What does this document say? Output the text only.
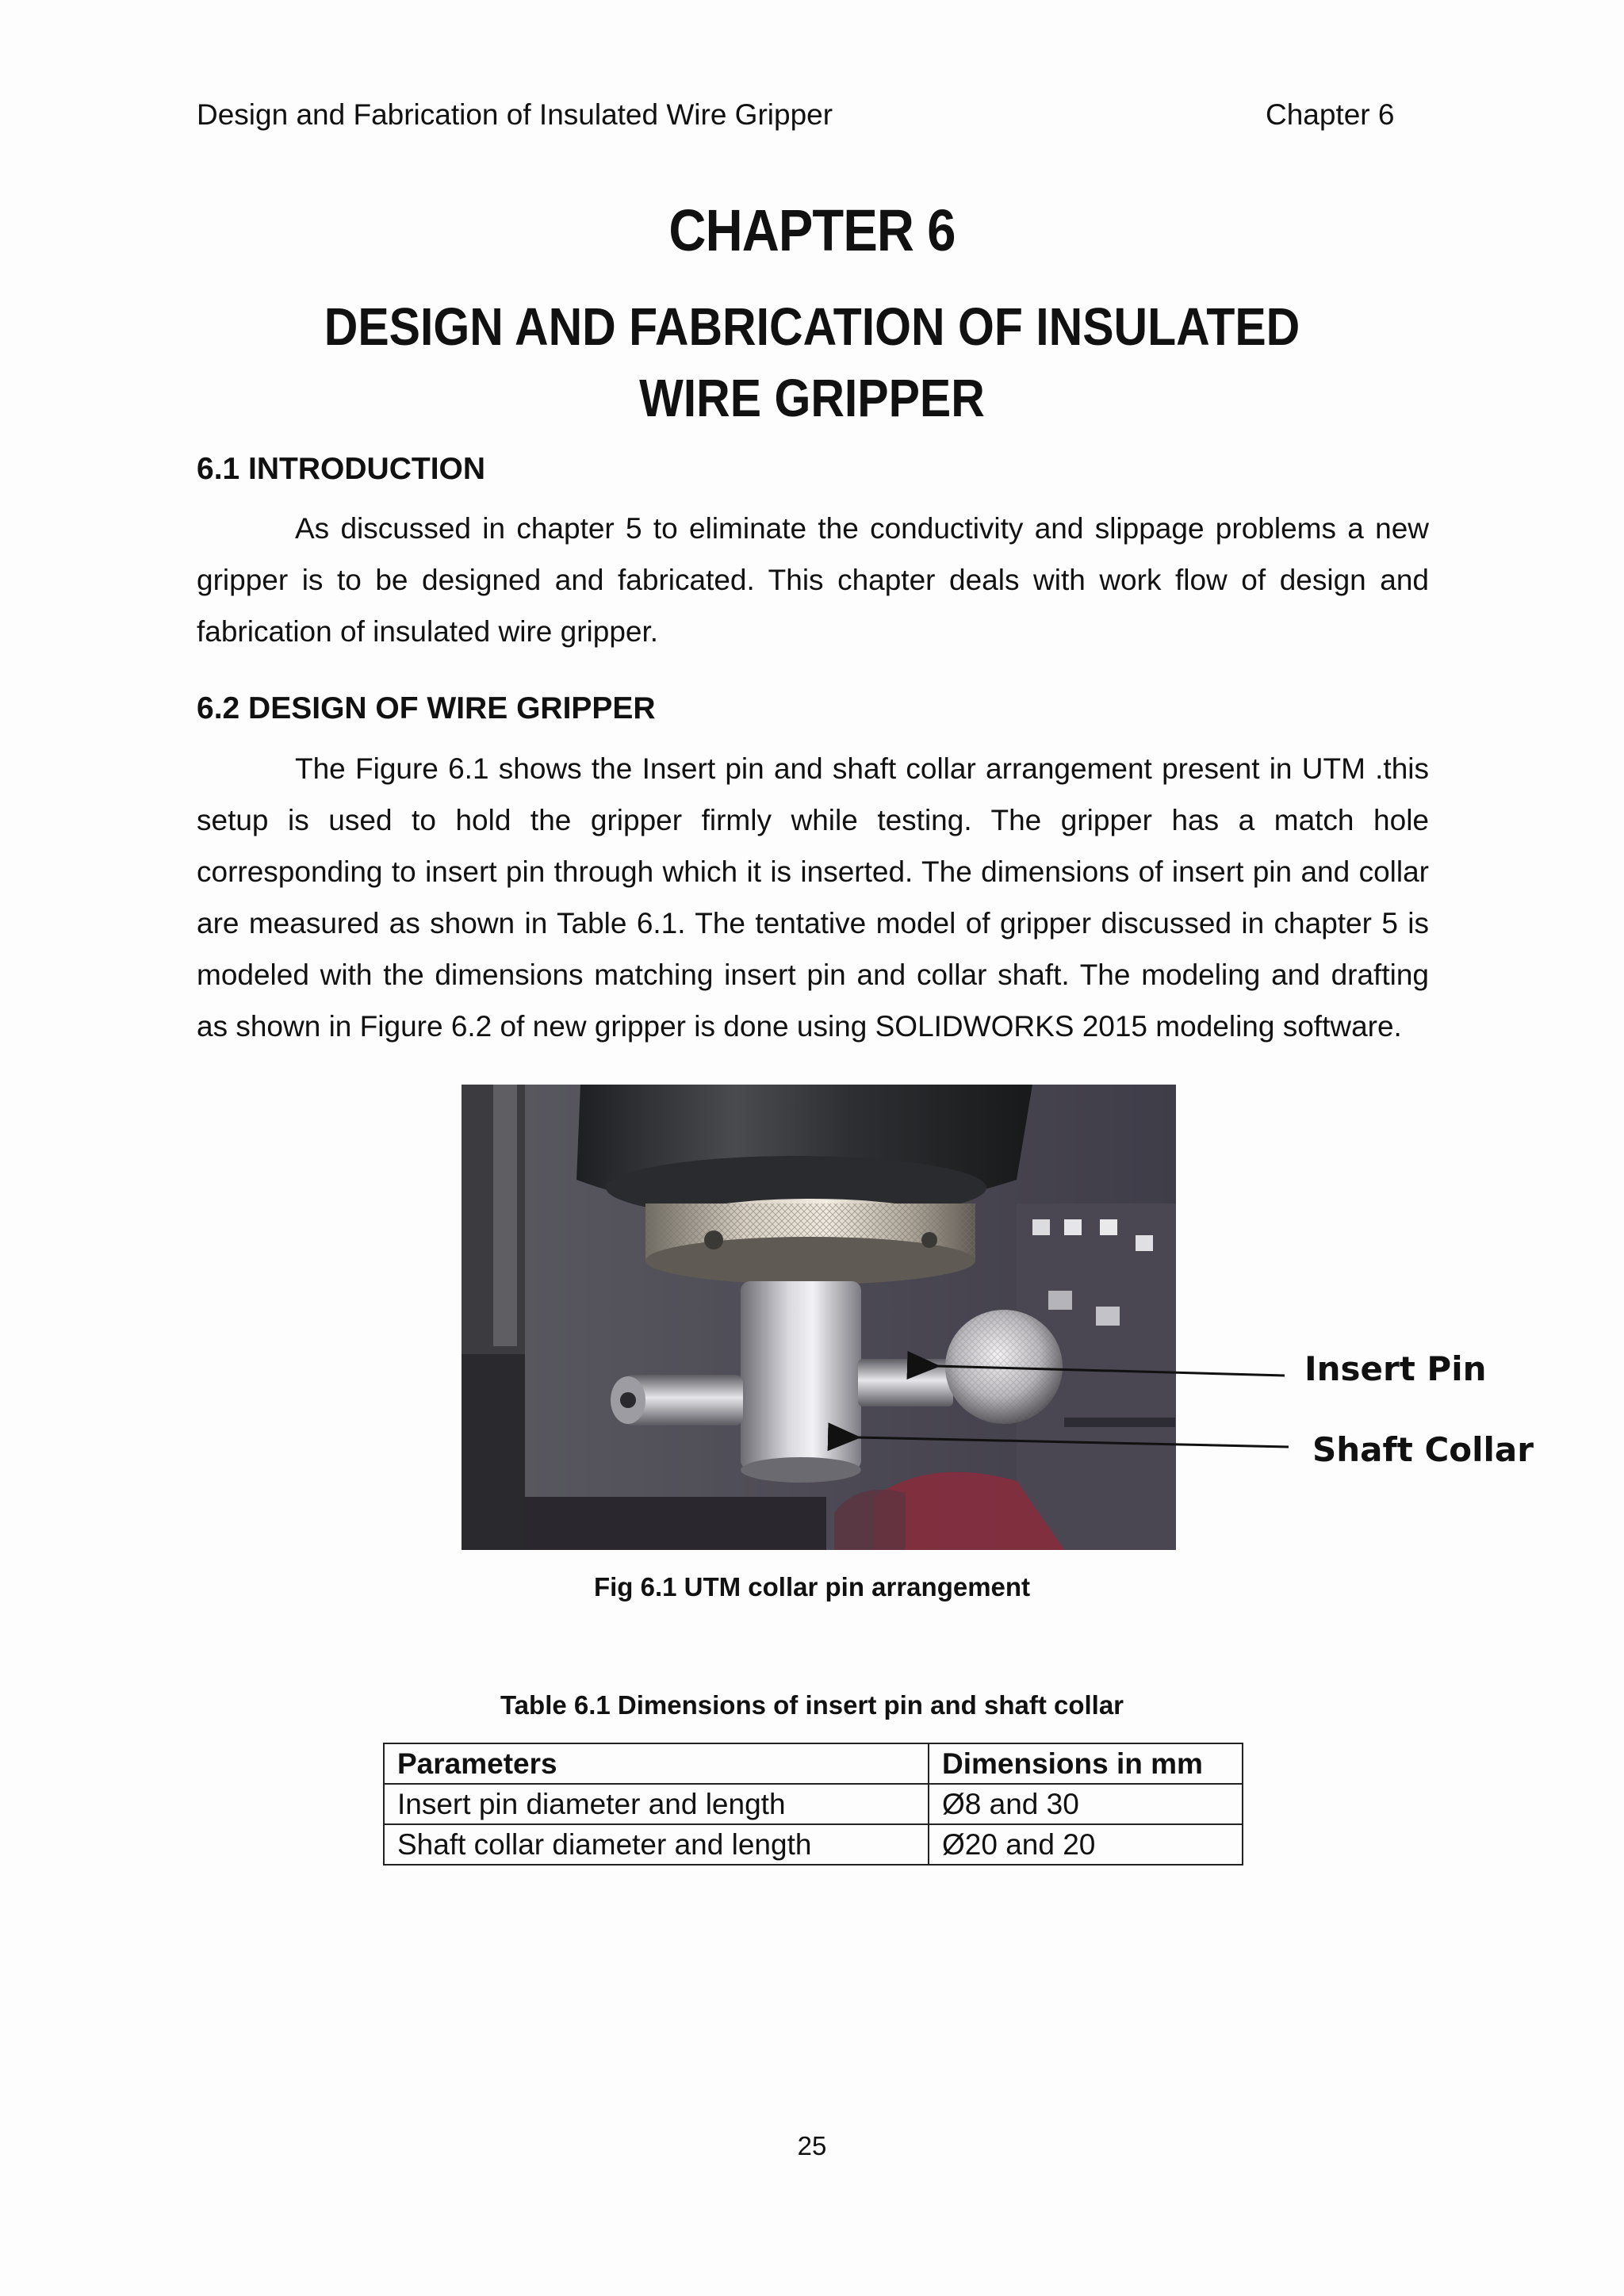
Design and Fabrication of Insulated Wire Gripper	Chapter 6
CHAPTER 6
DESIGN AND FABRICATION OF INSULATED WIRE GRIPPER
6.1 INTRODUCTION
As discussed in chapter 5 to eliminate the conductivity and slippage problems a new gripper is to be designed and fabricated. This chapter deals with work flow of design and fabrication of insulated wire gripper.
6.2 DESIGN OF WIRE GRIPPER
The Figure 6.1 shows the Insert pin and shaft collar arrangement present in UTM .this setup is used to hold the gripper firmly while testing. The gripper has a match hole corresponding to insert pin through which it is inserted. The dimensions of insert pin and collar are measured as shown in Table 6.1. The tentative model of gripper discussed in chapter 5 is modeled with the dimensions matching insert pin and collar shaft. The modeling and drafting as shown in Figure 6.2 of new gripper is done using SOLIDWORKS 2015 modeling software.
Insert Pin
Shaft Collar
Fig 6.1 UTM collar pin arrangement
Table 6.1 Dimensions of insert pin and shaft collar
Parameters	Dimensions in mm
Insert pin diameter and length	Ø8 and 30
Shaft collar diameter and length	Ø20 and 20
25
